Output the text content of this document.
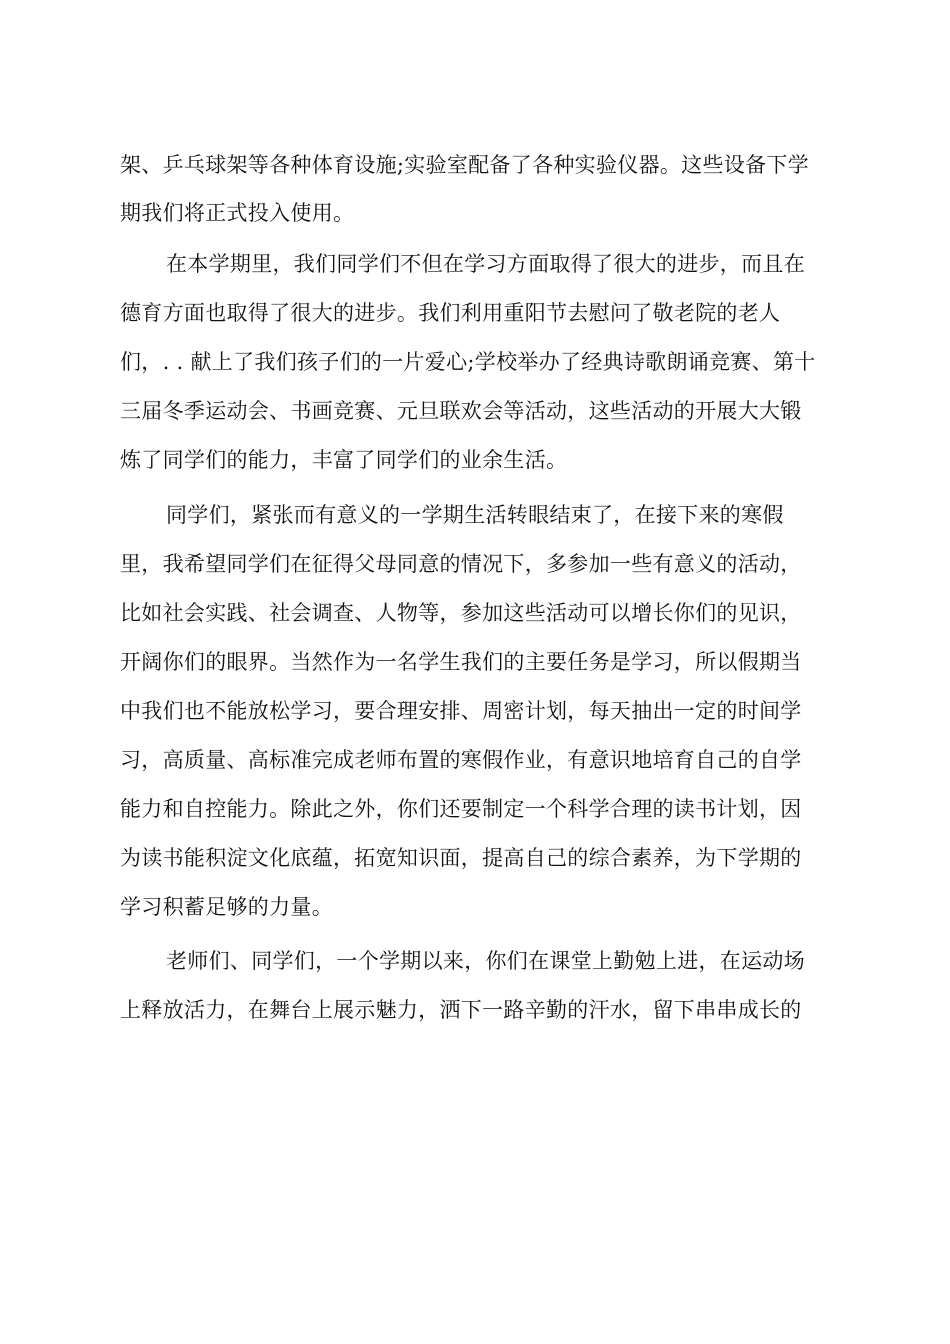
架、乒乓球架等各种体育设施;实验室配备了各种实验仪器。这些设备下学
期我们将正式投入使用。
在本学期里，我们同学们不但在学习方面取得了很大的进步，而且在
德育方面也取得了很大的进步。我们利用重阳节去慰问了敬老院的老人
们，. . 献上了我们孩子们的一片爱心;学校举办了经典诗歌朗诵竞赛、第十
三届冬季运动会、书画竞赛、元旦联欢会等活动，这些活动的开展大大锻
炼了同学们的能力，丰富了同学们的业余生活。
同学们，紧张而有意义的一学期生活转眼结束了，在接下来的寒假
里，我希望同学们在征得父母同意的情况下，多参加一些有意义的活动，
比如社会实践、社会调查、人物等，参加这些活动可以增长你们的见识，
开阔你们的眼界。当然作为一名学生我们的主要任务是学习，所以假期当
中我们也不能放松学习，要合理安排、周密计划，每天抽出一定的时间学
习，高质量、高标准完成老师布置的寒假作业，有意识地培育自己的自学
能力和自控能力。除此之外，你们还要制定一个科学合理的读书计划，因
为读书能积淀文化底蕴，拓宽知识面，提高自己的综合素养，为下学期的
学习积蓄足够的力量。
老师们、同学们，一个学期以来，你们在课堂上勤勉上进，在运动场
上释放活力，在舞台上展示魅力，洒下一路辛勤的汗水，留下串串成长的
